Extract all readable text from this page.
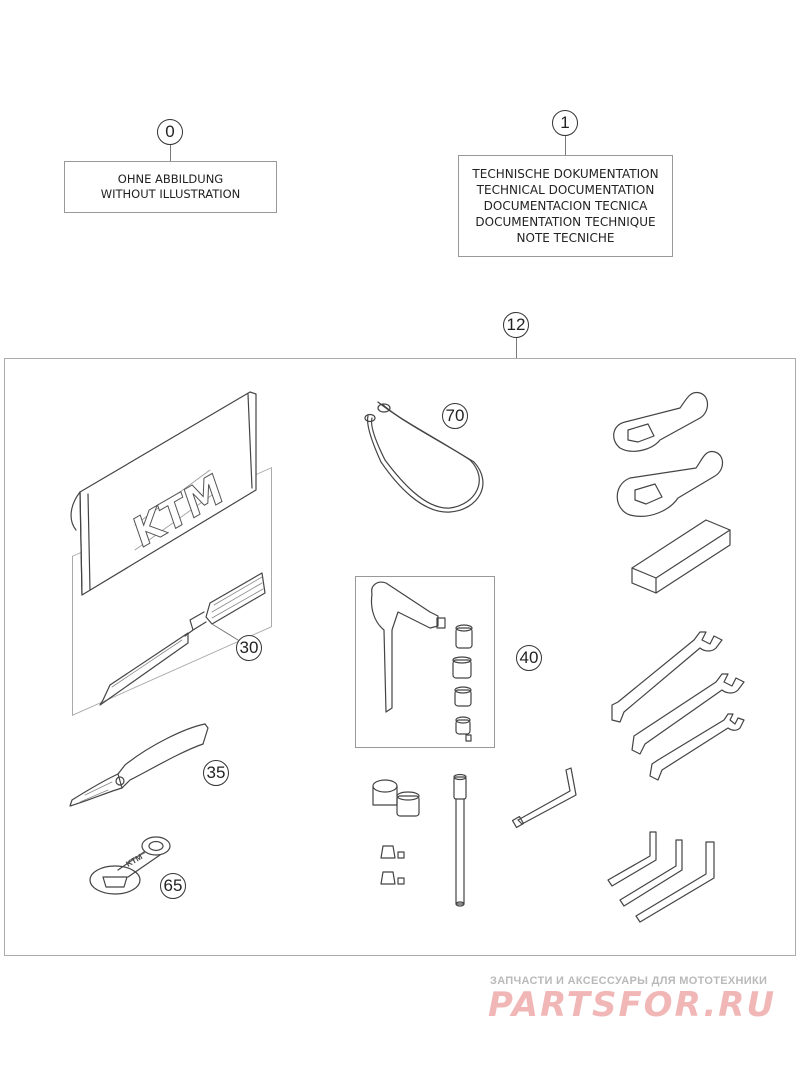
0
OHNE ABBILDUNG
WITHOUT ILLUSTRATION
1
TECHNISCHE DOKUMENTATION
TECHNICAL DOCUMENTATION
DOCUMENTACION TECNICA
DOCUMENTATION TECHNIQUE
NOTE TECNICHE
12
KTM
KTM
30
35
40
65
70
ЗАПЧАСТИ И АКСЕССУАРЫ ДЛЯ МОТОТЕХНИКИ
PARTSFOR.RU
